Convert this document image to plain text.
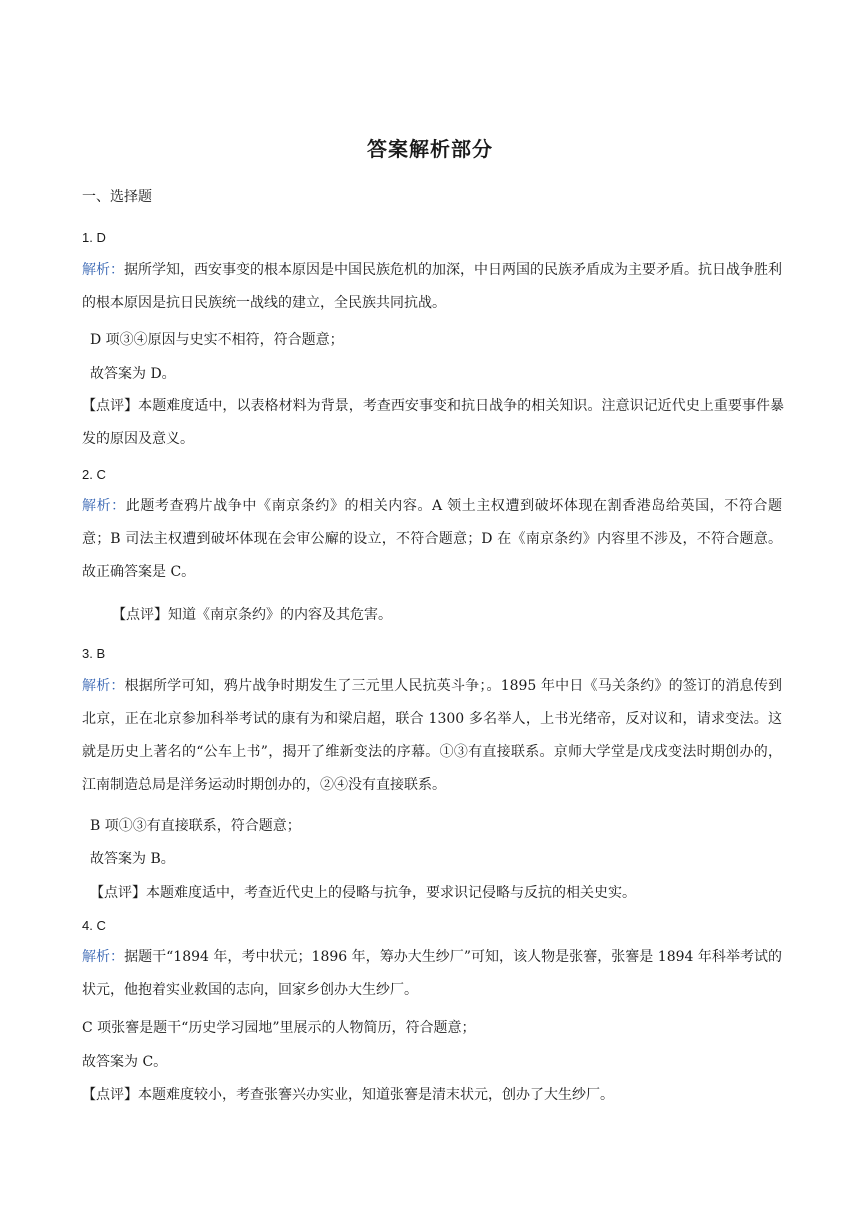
答案解析部分
一、选择题
1. D
解析：据所学知，西安事变的根本原因是中国民族危机的加深，中日两国的民族矛盾成为主要矛盾。抗日战争胜利的根本原因是抗日民族统一战线的建立，全民族共同抗战。
D 项③④原因与史实不相符，符合题意；
故答案为 D。
【点评】本题难度适中，以表格材料为背景，考查西安事变和抗日战争的相关知识。注意识记近代史上重要事件暴发的原因及意义。
2. C
解析：此题考查鸦片战争中《南京条约》的相关内容。A 领土主权遭到破坏体现在割香港岛给英国，不符合题意；B 司法主权遭到破坏体现在会审公廨的设立，不符合题意；D 在《南京条约》内容里不涉及，不符合题意。故正确答案是 C。
【点评】知道《南京条约》的内容及其危害。
3. B
解析：根据所学可知，鸦片战争时期发生了三元里人民抗英斗争；。1895 年中日《马关条约》的签订的消息传到北京，正在北京参加科举考试的康有为和梁启超，联合 1300 多名举人，上书光绪帝，反对议和，请求变法。这就是历史上著名的“公车上书”，揭开了维新变法的序幕。①③有直接联系。京师大学堂是戊戌变法时期创办的，江南制造总局是洋务运动时期创办的，②④没有直接联系。
B 项①③有直接联系，符合题意；
故答案为 B。
【点评】本题难度适中，考查近代史上的侵略与抗争，要求识记侵略与反抗的相关史实。
4. C
解析：据题干“1894 年，考中状元；1896 年，筹办大生纱厂”可知，该人物是张謇，张謇是 1894 年科举考试的状元，他抱着实业救国的志向，回家乡创办大生纱厂。
C 项张謇是题干“历史学习园地”里展示的人物简历，符合题意；
故答案为 C。
【点评】本题难度较小，考查张謇兴办实业，知道张謇是清末状元，创办了大生纱厂。
